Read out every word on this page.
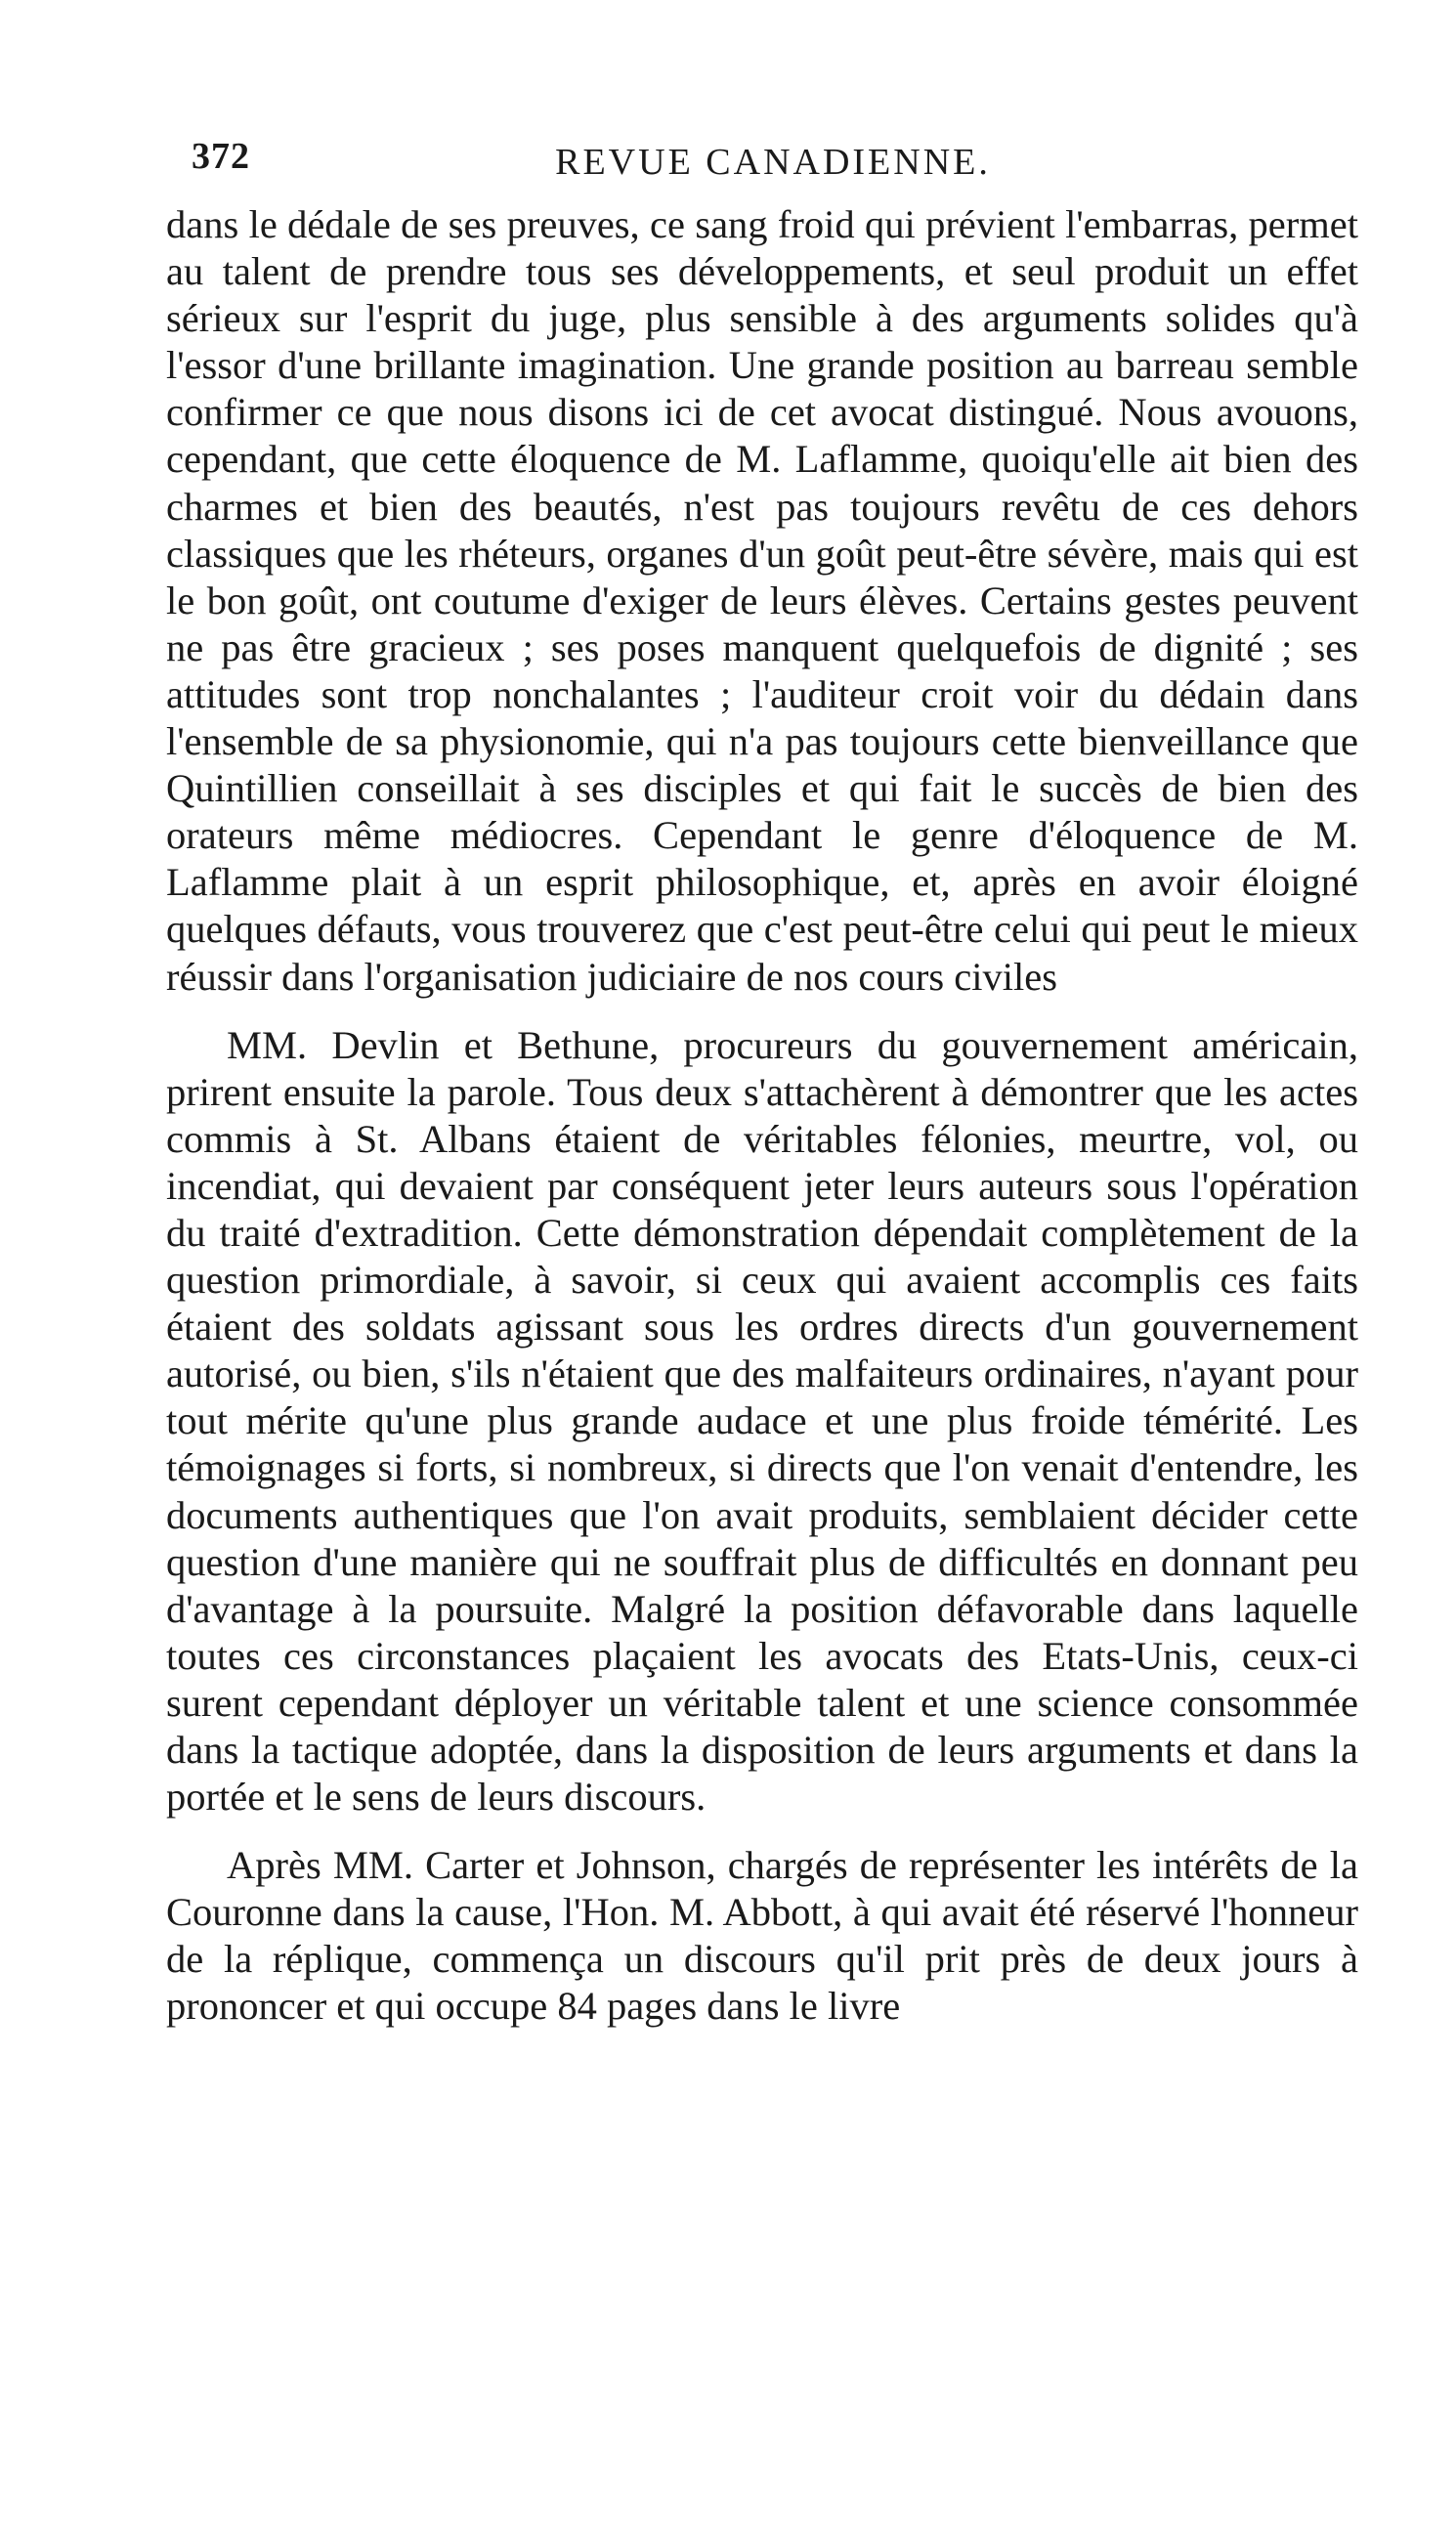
372	REVUE CANADIENNE.

dans le dédale de ses preuves, ce sang froid qui prévient l'embarras, permet au talent de prendre tous ses développements, et seul produit un effet sérieux sur l'esprit du juge, plus sensible à des arguments solides qu'à l'essor d'une brillante imagination. Une grande position au barreau semble confirmer ce que nous disons ici de cet avocat distingué. Nous avouons, cependant, que cette éloquence de M. Laflamme, quoiqu'elle ait bien des charmes et bien des beautés, n'est pas toujours revêtu de ces dehors classiques que les rhéteurs, organes d'un goût peut-être sévère, mais qui est le bon goût, ont coutume d'exiger de leurs élèves. Certains gestes peuvent ne pas être gracieux ; ses poses manquent quelquefois de dignité ; ses attitudes sont trop nonchalantes ; l'auditeur croit voir du dédain dans l'ensemble de sa physionomie, qui n'a pas toujours cette bienveillance que Quintillien conseillait à ses disciples et qui fait le succès de bien des orateurs même médiocres. Cependant le genre d'éloquence de M. Laflamme plait à un esprit philosophique, et, après en avoir éloigné quelques défauts, vous trouverez que c'est peut-être celui qui peut le mieux réussir dans l'organisation judiciaire de nos cours civiles

MM. Devlin et Bethune, procureurs du gouvernement américain, prirent ensuite la parole. Tous deux s'attachèrent à démontrer que les actes commis à St. Albans étaient de véritables félonies, meurtre, vol, ou incendiat, qui devaient par conséquent jeter leurs auteurs sous l'opération du traité d'extradition. Cette démonstration dépendait complètement de la question primordiale, à savoir, si ceux qui avaient accomplis ces faits étaient des soldats agissant sous les ordres directs d'un gouvernement autorisé, ou bien, s'ils n'étaient que des malfaiteurs ordinaires, n'ayant pour tout mérite qu'une plus grande audace et une plus froide témérité. Les témoignages si forts, si nombreux, si directs que l'on venait d'entendre, les documents authentiques que l'on avait produits, semblaient décider cette question d'une manière qui ne souffrait plus de difficultés en donnant peu d'avantage à la poursuite. Malgré la position défavorable dans laquelle toutes ces circonstances plaçaient les avocats des Etats-Unis, ceux-ci surent cependant déployer un véritable talent et une science consommée dans la tactique adoptée, dans la disposition de leurs arguments et dans la portée et le sens de leurs discours.

Après MM. Carter et Johnson, chargés de représenter les intérêts de la Couronne dans la cause, l'Hon. M. Abbott, à qui avait été réservé l'honneur de la réplique, commença un discours qu'il prit près de deux jours à prononcer et qui occupe 84 pages dans le livre
